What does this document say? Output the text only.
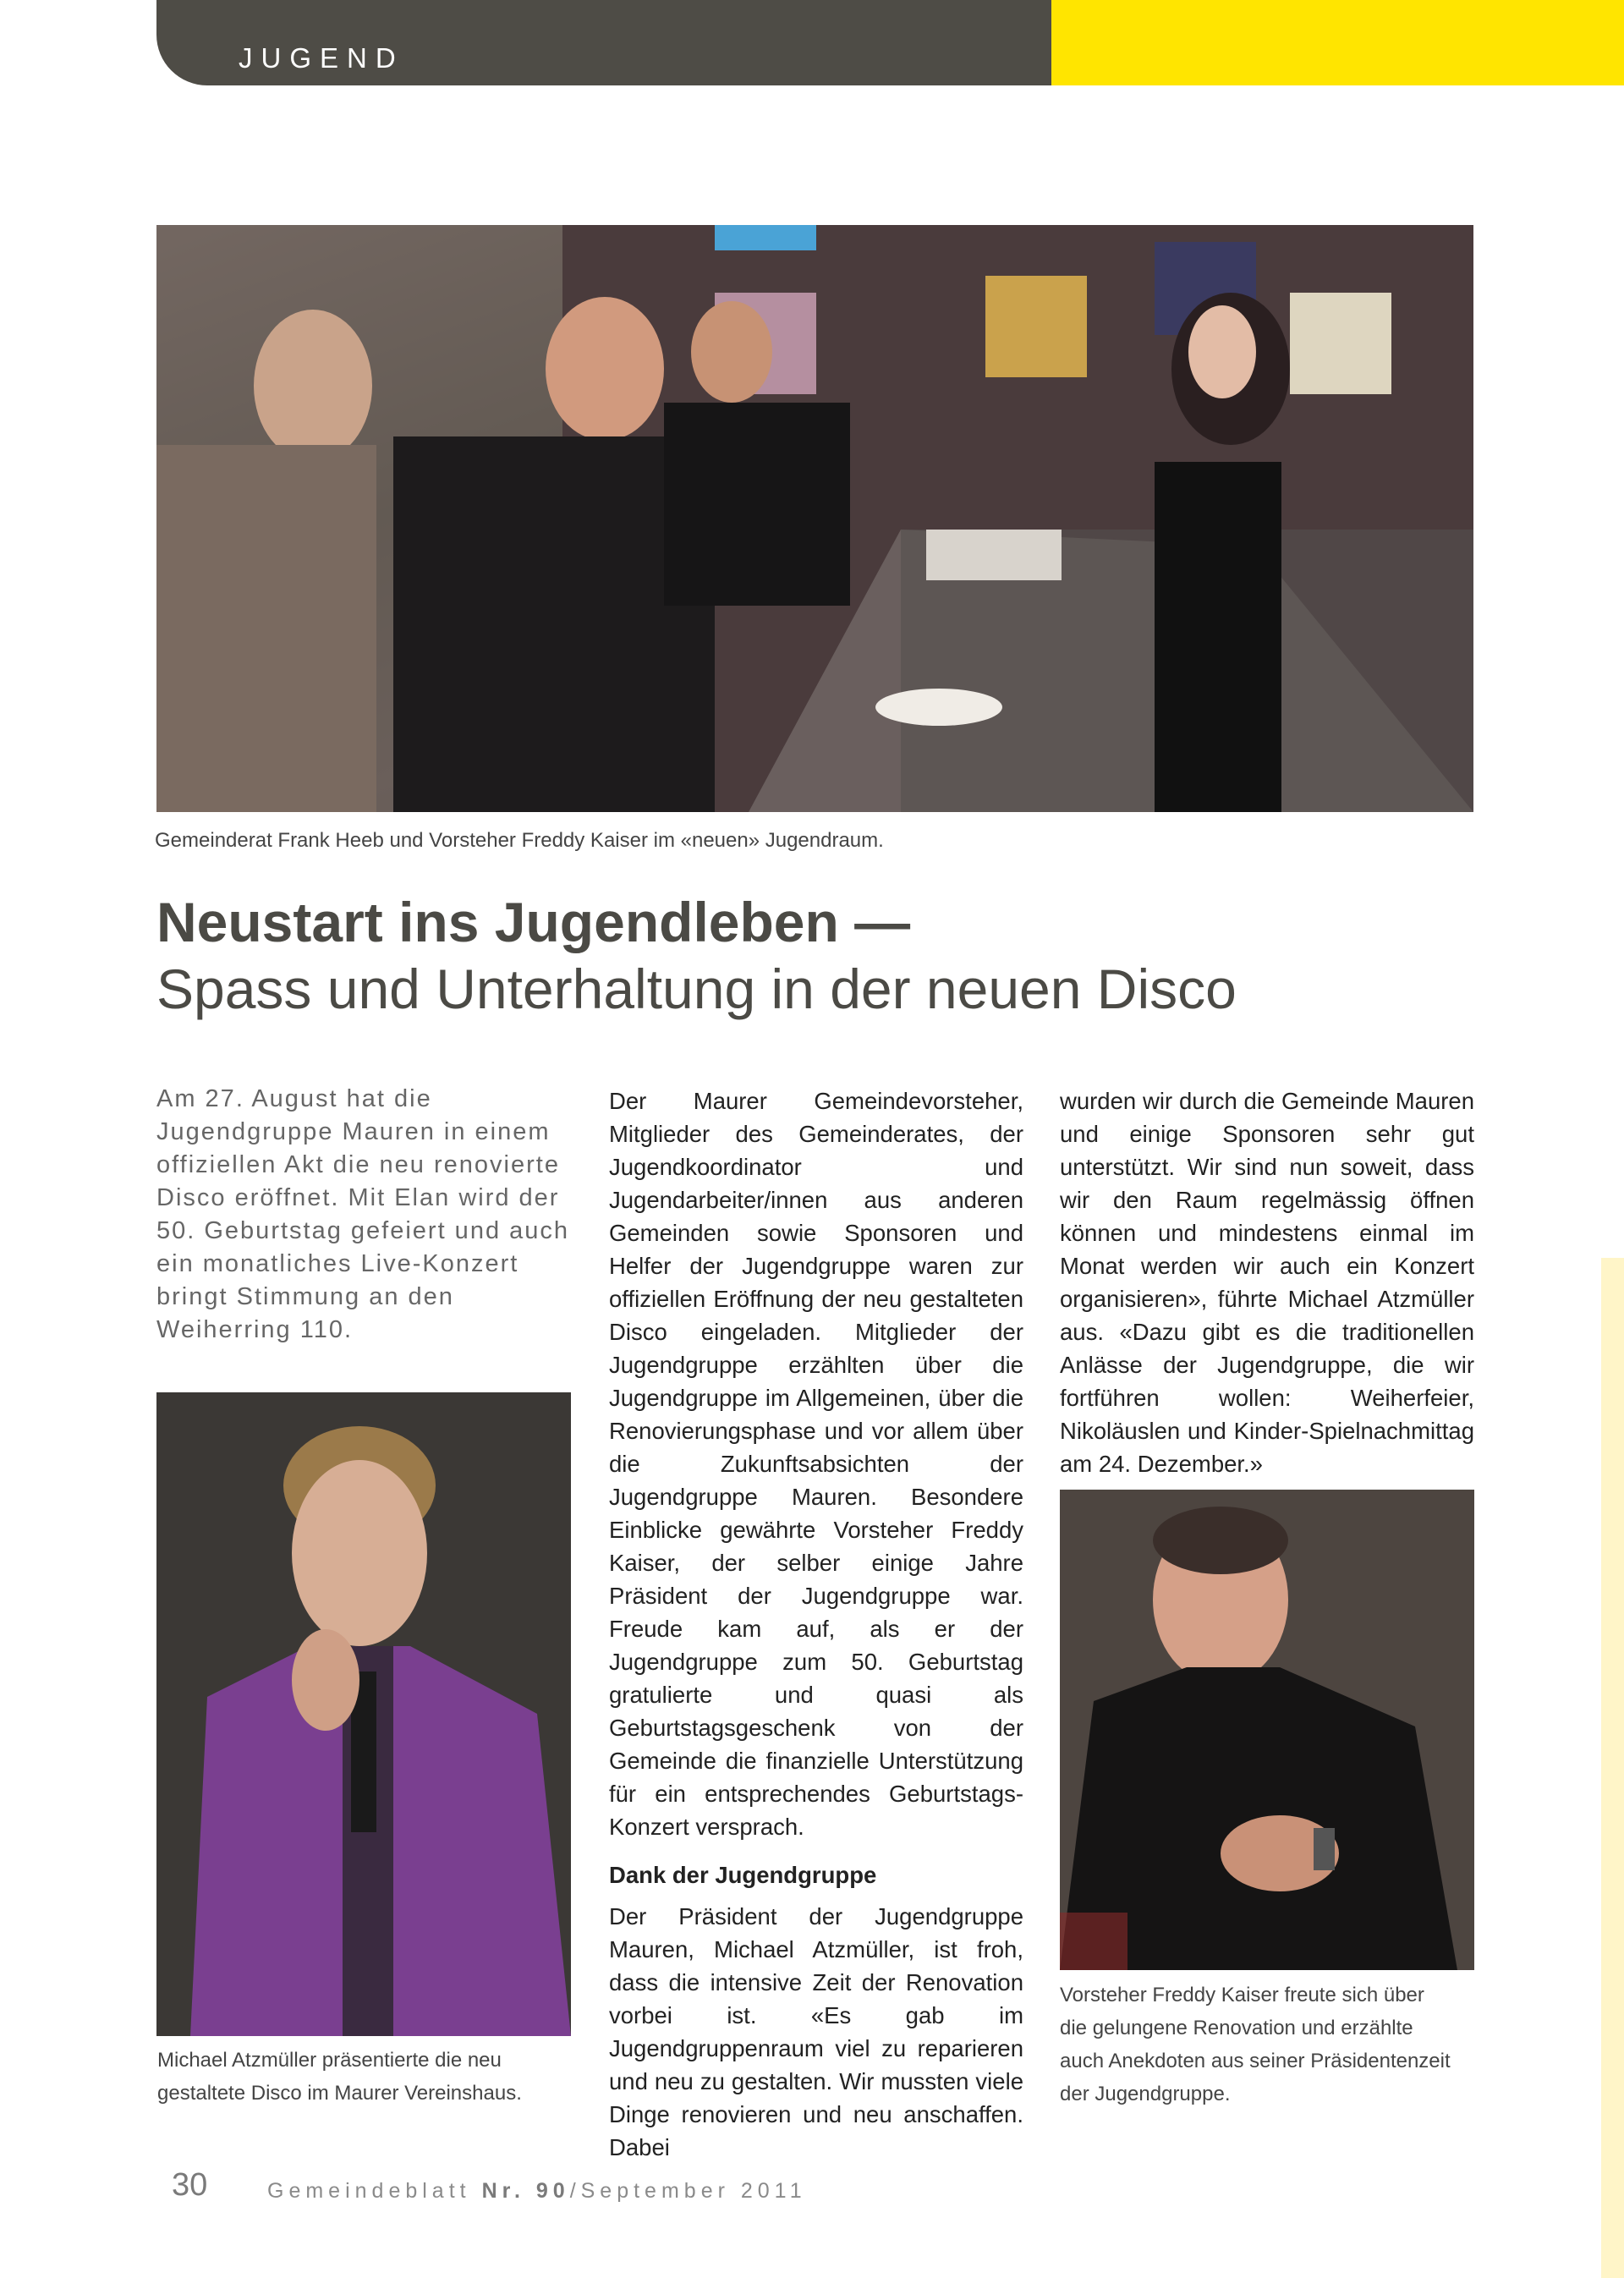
JUGEND
Gemeinderat Frank Heeb und Vorsteher Freddy Kaiser im «neuen» Jugendraum.
Neustart ins Jugendleben —
Spass und Unterhaltung in der neuen Disco
Am 27. August hat die Jugendgruppe Mauren in einem offiziellen Akt die neu renovierte Disco eröffnet. Mit Elan wird der 50. Geburtstag gefeiert und auch ein monatliches Live-Konzert bringt Stimmung an den Weiherring 110.
Michael Atzmüller präsentierte die neu
gestaltete Disco im Maurer Vereinshaus.

Der Maurer Gemeindevorsteher, Mitglieder des Gemeinderates, der Jugendkoordinator und Jugendarbeiter/innen aus anderen Gemeinden sowie Sponsoren und Helfer der Jugendgruppe waren zur offiziellen Eröffnung der neu gestalteten Disco eingeladen. Mitglieder der Jugendgruppe erzählten über die Jugendgruppe im Allgemeinen, über die Renovierungsphase und vor allem über die Zukunftsabsichten der Jugendgruppe Mauren. Besondere Einblicke gewährte Vorsteher Freddy Kaiser, der selber einige Jahre Präsident der Jugendgruppe war. Freude kam auf, als er der Jugendgruppe zum 50. Geburtstag gratulierte und quasi als Geburtstagsgeschenk von der Gemeinde die finanzielle Unterstützung für ein entsprechendes Geburtstags-Konzert versprach.

Dank der Jugendgruppe

Der Präsident der Jugendgruppe Mauren, Michael Atzmüller, ist froh, dass die intensive Zeit der Renovation vorbei ist. «Es gab im Jugendgruppenraum viel zu reparieren und neu zu gestalten. Wir mussten viele Dinge renovieren und neu anschaffen. Dabei

wurden wir durch die Gemeinde Mauren und einige Sponsoren sehr gut unterstützt. Wir sind nun soweit, dass wir den Raum regelmässig öffnen können und mindestens einmal im Monat werden wir auch ein Konzert organisieren», führte Michael Atzmüller aus. «Dazu gibt es die traditionellen Anlässe der Jugendgruppe, die wir fortführen wollen: Weiherfeier, Nikoläuslen und Kinder-Spielnachmittag am 24. Dezember.»

Vorsteher Freddy Kaiser freute sich über
die gelungene Renovation und erzählte
auch Anekdoten aus seiner Präsidentenzeit
der Jugendgruppe.
30	Gemeindeblatt Nr. 90/September 2011
